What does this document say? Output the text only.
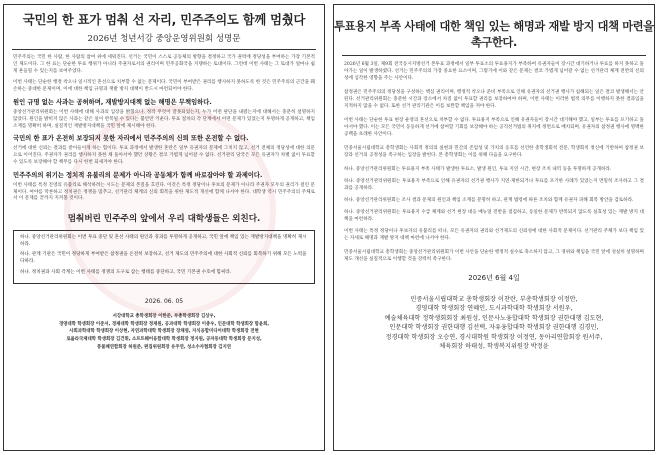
국민의 한 표가 멈춰 선 자리, 민주주의도 함께 멈췄다
2026년 청년서강 중앙운영위원회 성명문

민주주의는 국민 한 사람, 한 사람의 참여 위에 세워진다. 선거는 국민이 스스로 공동체의 방향을 결정하고 국가 권력에 정당성을 부여하는 가장 기본적인 제도이다. 그 한 표는 단순한 투표 행위가 아니라 주권자로서의 권리이며 민주공화국을 지탱하는 토대이다. 그런데 이번 사태는 그 토대가 얼마나 쉽게 흔들릴 수 있는지를 보여주었다.

이번 사태는 단순한 행정 착오나 일시적인 혼선으로 치부할 수 없는 문제이다. 국민이 부여받은 권리를 행사하지 못하도록 한 것은 민주주의의 근간을 훼손하는 중대한 문제이며, 이에 대한 책임 규명과 재발 방지 대책이 반드시 마련되어야 한다.

원인 규명 없는 사과는 공허하며, 재발방지대책 없는 해명은 무책임하다.

중앙선거관리위원회는 이번 사태에 대해 사과의 입장을 밝혔으나, 정작 무엇이 잘못되었는지, 누가 어떤 판단을 내렸는지에 대해서는 충분히 설명하지 않았다. 원인을 밝히지 않은 사과는 같은 일이 반복될 수 있다는 불안만 키운다. 투표 절차의 각 단계에서 어떤 문제가 있었는지 투명하게 공개하고, 책임 소재를 명확히 하며, 실질적인 재발방지대책을 국민 앞에 제시해야 한다.

국민의 한 표가 온전히 보장되지 못한 자리에서 민주주의의 신뢰 또한 온전할 수 없다.

선거에 대한 신뢰는 결과를 받아들이게 하는 힘이다. 투표 과정에서 발생한 혼란은 일부 유권자의 문제에 그치지 않고, 선거 전체의 정당성에 대한 의문으로 이어진다. 주권자가 권리를 행사하지 못한 채 돌아서야 했던 상황은 결코 가볍게 넘어갈 수 없다. 선거관리 당국은 모든 유권자가 차별 없이 투표할 수 있도록 보장해야 할 책무를 다시 한번 되새겨야 한다.

민주주의의 위기는 정치적 유불리의 문제가 아니라 공동체가 함께 바로잡아야 할 과제이다.

이번 사태를 특정 진영의 유불리로 해석하려는 시도는 문제의 본질을 흐린다. 이것은 특정 정당이나 후보의 문제가 아니라 주권자 모두의 권리가 걸린 문제이다. 여야를 막론하고 정치권은 정쟁을 멈추고, 선거관리 체계의 신뢰 회복을 위한 제도적 개선에 함께 나서야 한다. 대학생 역시 민주주의의 주체로서 이 문제를 끝까지 지켜볼 것이다.

멈춰버린 민주주의 앞에서 우리 대학생들은 외친다.

하나. 중앙선거관리위원회는 이번 투표 중단 및 혼선 사태의 원인과 경과를 투명하게 공개하고, 국민 앞에 책임 있는 재발방지대책을 명확히 제시하라.

하나. 관계 기관은 국민이 정당하게 부여받은 참정권을 온전히 보장하고, 선거 제도의 민주주의에 대한 사회적 신뢰를 회복하기 위해 모든 노력을 다하라.

하나. 정치권과 사회 각계는 이번 사태를 정쟁의 도구로 삼는 행태를 중단하고, 국민 기본권 수호에 힘써라.

2026. 06. 05

서강대학교 총학생회장 이한준, 부총학생회장 김상우,

경영대학 학생회장 이준서, 경제대학 학생회장 정재원, 공과대학 학생회장 이충우, 인문대학 학생회장 함윤희,

사회과학대학 학생회장 이상현, 자연과학대학 학생회장 장채영, 지식융합미디어대학 학생회장 전현

로욜라국제대학 학생회장 김건휘, 소프트웨어융합대학 학생회장 정지원, 공자동대학 학생회장 문지성,

풍물패연합회장 허원준, 편집위원회장 유주연, 성소수자협회장 김지연

투표용지 부족 사태에 대한 책임 있는 해명과 재발 방지 대책 마련을 촉구한다.

2026년 6월 3일, 제9회 전국동시지방선거 본투표 과정에서 일부 투표소의 투표용지가 부족하여 유권자들이 장시간 대기하거나 투표를 하지 못하고 돌아가는 일이 발생하였다. 선거는 민주주의의 가장 중요한 요소이며, 그렇기에 이와 같은 문제는 결코 가볍게 넘어갈 수 없는 선거관리 체계 전반의 신뢰성에 심각한 영향을 주는 사안이다.

참정권은 민주주의의 정당성을 구성하는 핵심 권리이며, 행정적 착오나 준비 부족으로 인해 유권자의 선거권 행사가 침해되는 일은 결코 발생해서는 안 된다. 선거관리위원회는 충분한 시간과 장소에서 차질 없이 투표할 권리를 보장하여야 하며, 이번 사태는 이러한 법적 의무를 이행하지 못한 결과임을 지적하지 않을 수 없다. 또한 선거 관리기관은 이를 보완할 책임을 져야 한다.

이번 사태는 단순한 투표 현장 운영의 혼선으로 치부할 수 없다. 투표용지 부족으로 인해 유권자들이 장시간 대기해야 했고, 일부는 투표를 포기하고 돌아서야 했다. 이는 모든 국민이 동등하게 선거에 참여할 기회를 보장해야 하는 공직선거법의 취지에 정면으로 배치되며, 유권자의 참정권 행사에 명백한 공백을 초래한 사안이다.

민중서울시립대학교 총학생회는 사회적 정의의 실현과 민간의 존엄성 및 가치의 옹호를 선언한 총학생회칙 전문, 학생회칙 정신에 기반하여 참정권 보장과 선거의 공정성을 촉구하는 입장을 밝힌다. 본 총학생회는 이를 위해 다음을 요구한다.

하나. 중앙선거관리위원회는 투표용지 부족 사태가 발생한 투표소, 발생 원인, 투표 지연 시간, 현장 조치 내역 등을 투명하게 공개하라.

하나. 중앙선거관리위원회는 투표용지 부족으로 인해 유권자의 선거권 행사가 지연·제한되거나 투표를 포기한 사례가 있었는지 면밀히 조사하고 그 결과를 공개하라.

하나. 중앙선거관리위원회는 조사 결과 문제의 원인과 책임 소재를 분명히 하고, 관계 법령에 따른 조치와 함께 유권자 피해 회복 방안을 검토하라.

하나. 중앙선거관리위원회는 투표용지 수급 체계와 선거 현장 대응 매뉴얼 전반을 점검하고, 동일한 문제가 반복되지 않도록 실효성 있는 재발 방지 대책을 마련하라.

이번 사태는 특정 정당이나 후보자의 유불리를 떠나, 모든 유권자의 권리와 선거제도의 신뢰성에 대한 사회적 문제이다. 선거관리 주체가 보다 책임 있는 자세로 해명과 재발 방지 대책 마련에 나서야 한다.

민중서울시립대학교 총학생회는 중앙선거관리위원회가 이번 사안을 단순한 행정적 실수로 축소하지 않고, 그 경위와 책임을 국민 앞에 성실히 설명하며 제도 개선을 실질적으로 이행할 것을 강력히 촉구한다.

2026년 6월 4일

민중서울시립대학교 총학생회장 이찬란, 부총학생회장 이정안,

경영대학 학생회장 연혜인, 도시과학대학 학생회장 서원우,

예술체육대학 정학생회회장 최원성, 인문사노융합대학 학생회장 권한대행 김도현,

인문대학 학생회장 권한대행 김선택, 자유융합대학 학생회장 권한대행 김경민,

정경대학 학생회장 오승연, 경시대학원 학생회장 이정연, 동아리연합회장 원서주,

체육회장 하태성, 학생복지위원장 박정윤
